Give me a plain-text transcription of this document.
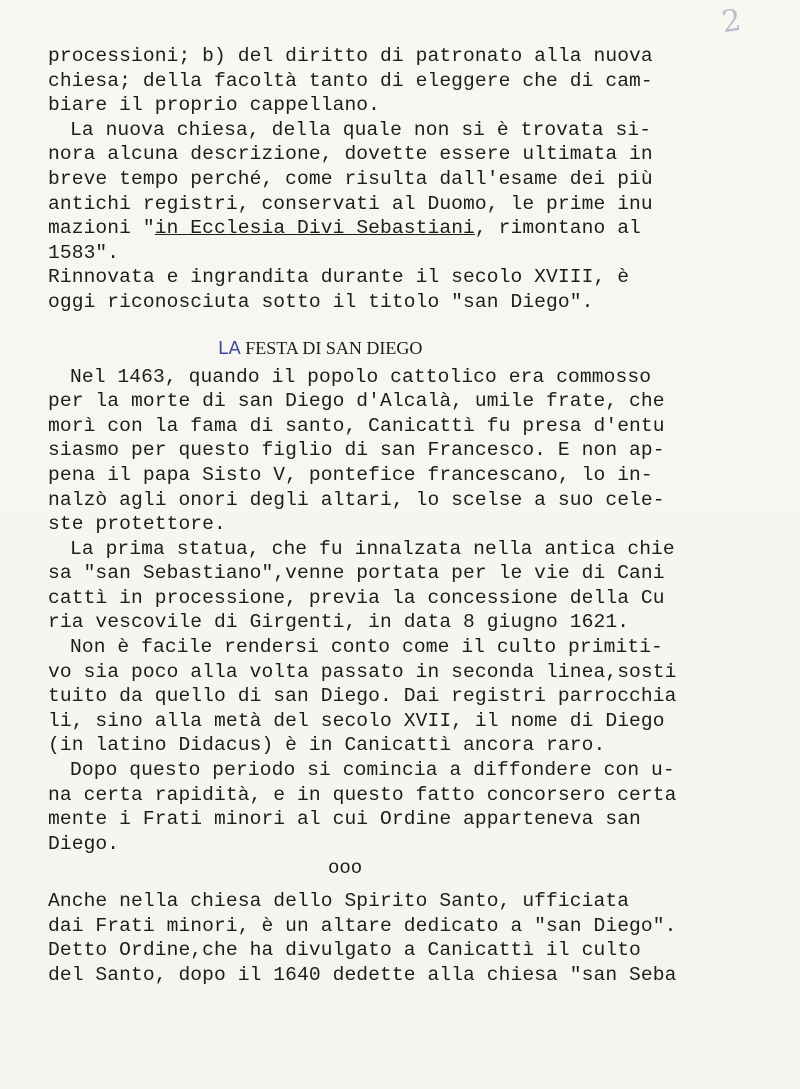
2
processioni; b) del diritto di patronato alla nuova
chiesa; della facoltà tanto di eleggere che di cam-
biare il proprio cappellano.
La nuova chiesa, della quale non si è trovata si-
nora alcuna descrizione, dovette essere ultimata in
breve tempo perché, come risulta dall'esame dei più
antichi registri, conservati al Duomo, le prime inu
mazioni "in Ecclesia Divi Sebastiani, rimontano al
1583".
Rinnovata e ingrandita durante il secolo XVIII, è
oggi riconosciuta sotto il titolo "san Diego".
LA FESTA DI SAN DIEGO
Nel 1463, quando il popolo cattolico era commosso
per la morte di san Diego d'Alcalà, umile frate, che
morì con la fama di santo, Canicattì fu presa d'entu
siasmo per questo figlio di san Francesco. E non ap-
pena il papa Sisto V, pontefice francescano, lo in-
nalzò agli onori degli altari, lo scelse a suo cele-
ste protettore.
La prima statua, che fu innalzata nella antica chie
sa "san Sebastiano",venne portata per le vie di Cani
cattì in processione, previa la concessione della Cu
ria vescovile di Girgenti, in data 8 giugno 1621.
Non è facile rendersi conto come il culto primiti-
vo sia poco alla volta passato in seconda linea,sosti
tuito da quello di san Diego. Dai registri parrocchia
li, sino alla metà del secolo XVII, il nome di Diego
(in latino Didacus) è in Canicattì ancora raro.
Dopo questo periodo si comincia a diffondere con u-
na certa rapidità, e in questo fatto concorsero certa
mente i Frati minori al cui Ordine apparteneva san
Diego.
ooo
Anche nella chiesa dello Spirito Santo, ufficiata
dai Frati minori, è un altare dedicato a "san Diego".
Detto Ordine,che ha divulgato a Canicattì il culto
del Santo, dopo il 1640 dedette alla chiesa "san Seba
